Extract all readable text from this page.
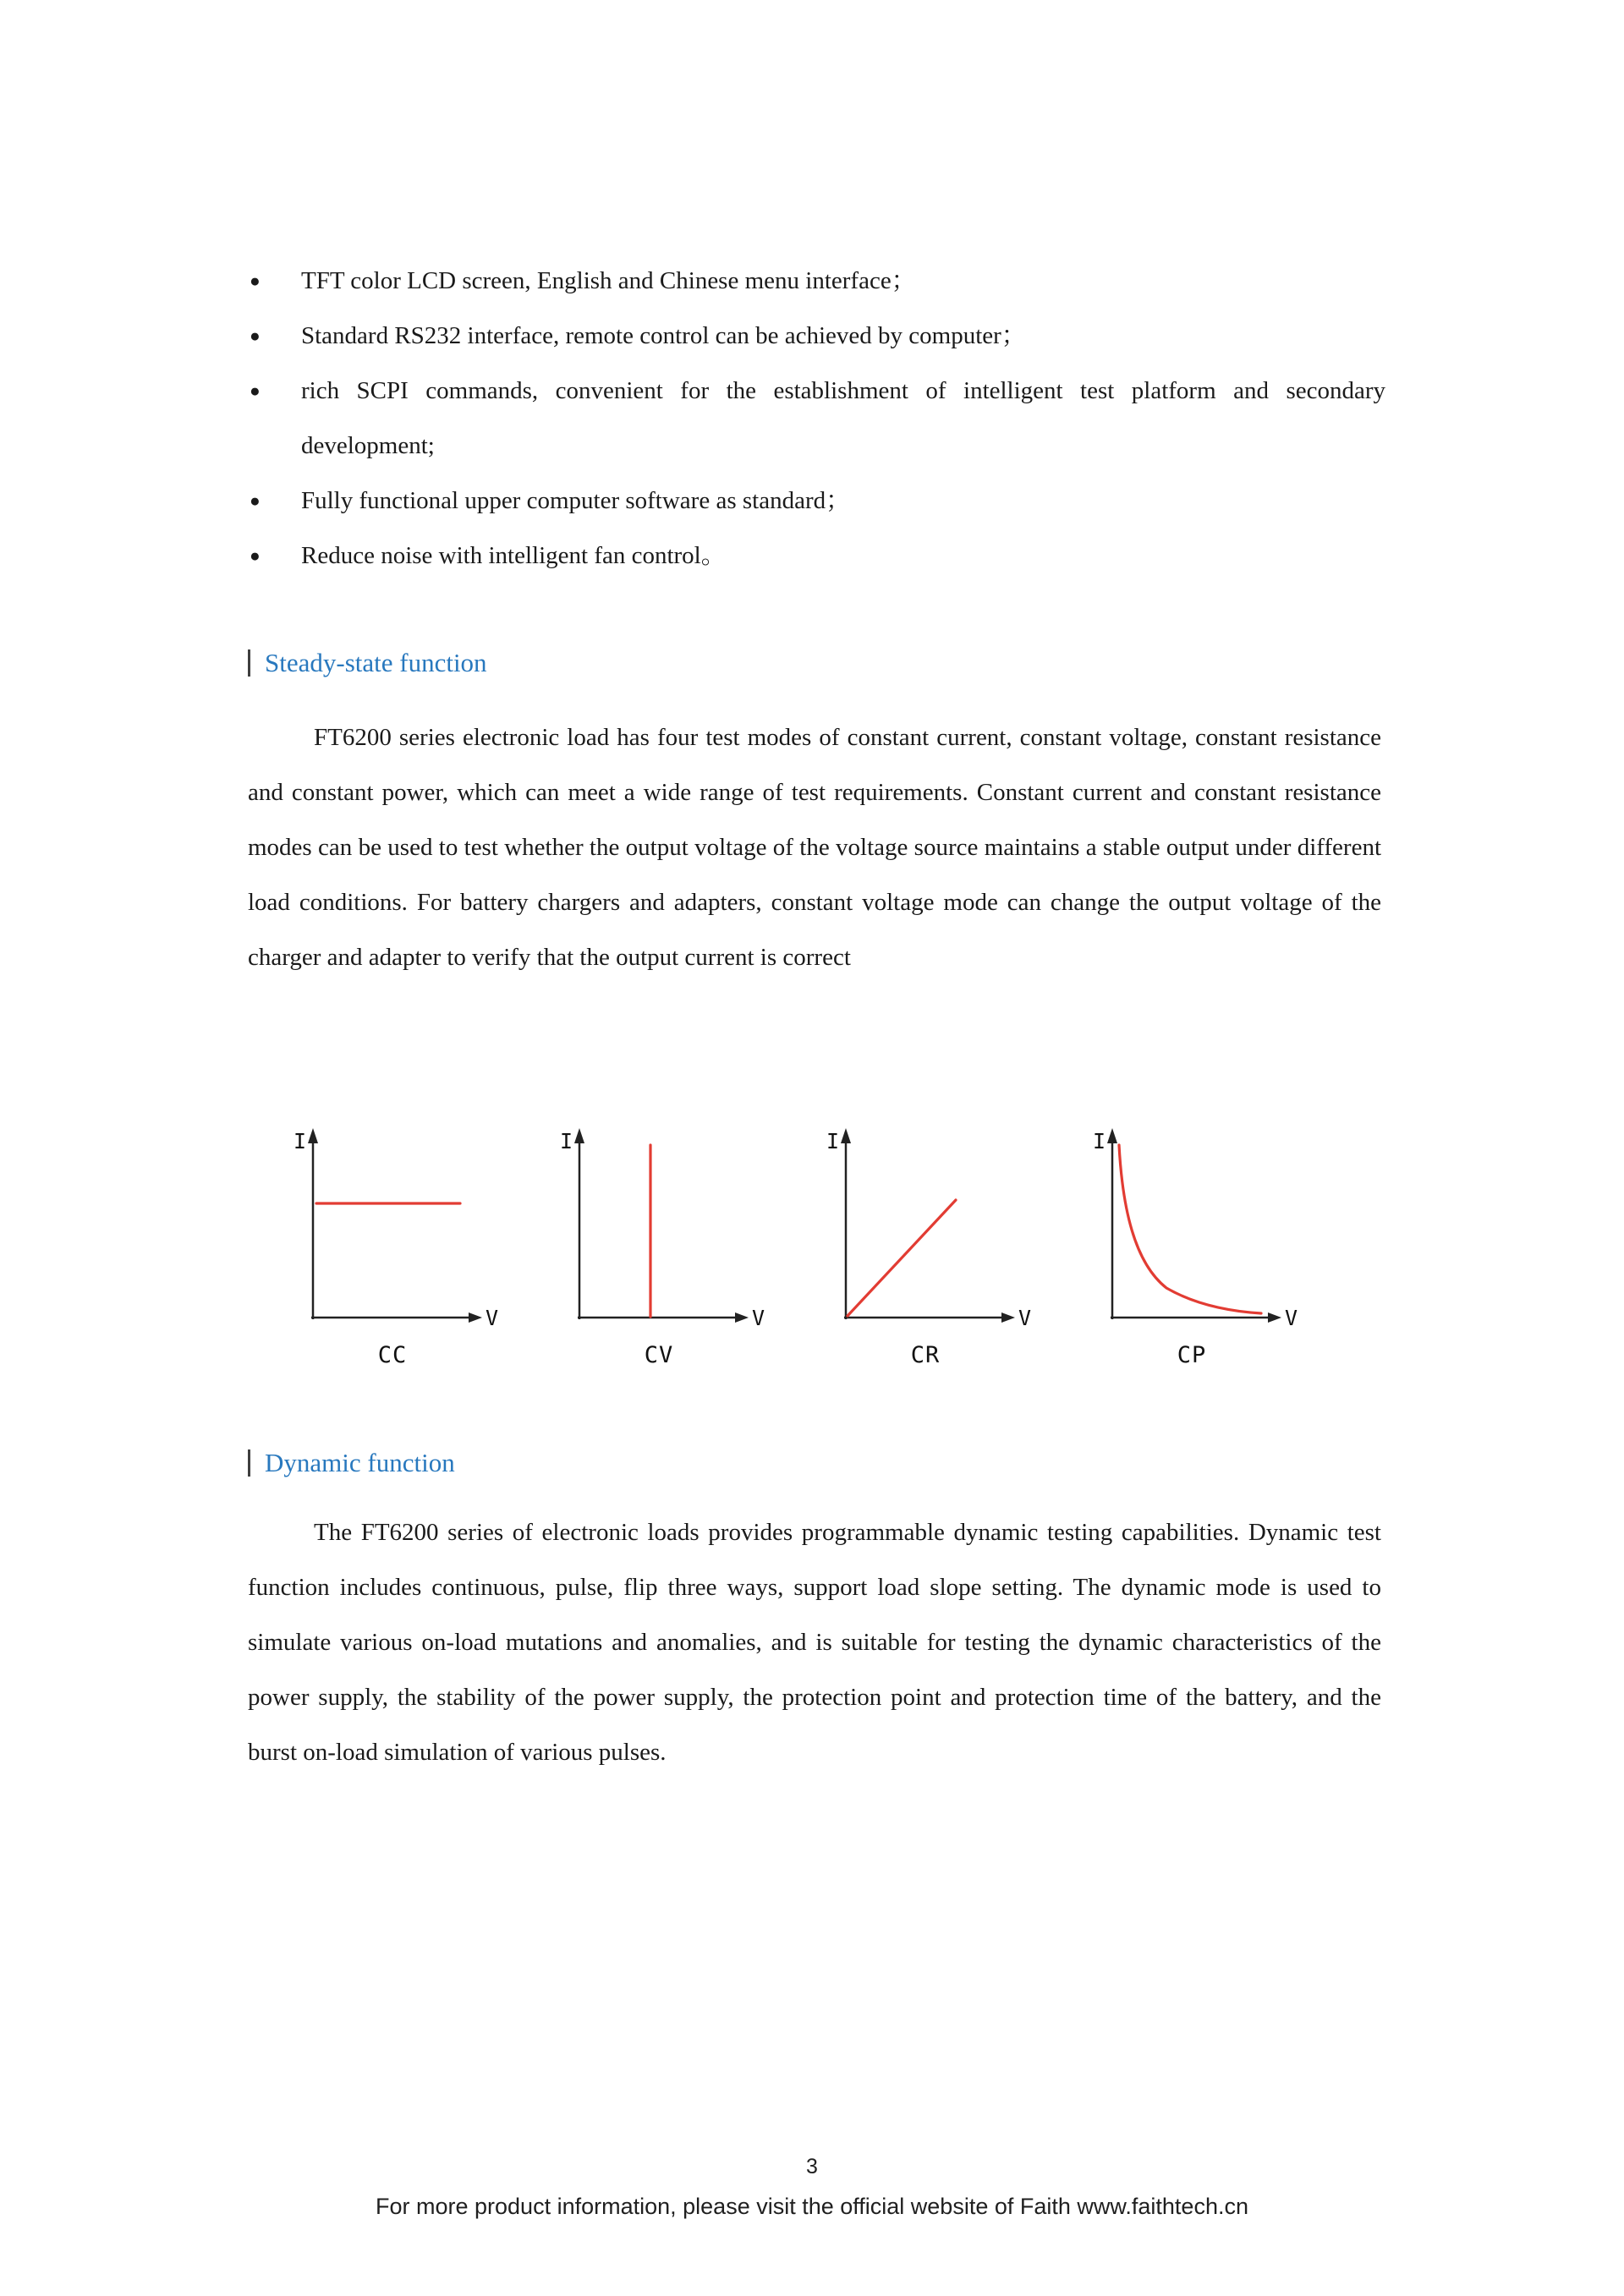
●	TFT color LCD screen, English and Chinese menu interface；
●	Standard RS232 interface, remote control can be achieved by computer；
●	rich SCPI commands, convenient for the establishment of intelligent test platform and secondary development;
●	Fully functional upper computer software as standard；
●	Reduce noise with intelligent fan control。
Steady-state function

FT6200 series electronic load has four test modes of constant current, constant voltage, constant resistance and constant power, which can meet a wide range of test requirements. Constant current and constant resistance modes can be used to test whether the output voltage of the voltage source maintains a stable output under different load conditions. For battery chargers and adapters, constant voltage mode can change the output voltage of the charger and adapter to verify that the output current is correct

I
V
CC
I
V
CV
I
V
CR
I
V
CP
Dynamic function

The FT6200 series of electronic loads provides programmable dynamic testing capabilities. Dynamic test function includes continuous, pulse, flip three ways, support load slope setting. The dynamic mode is used to simulate various on-load mutations and anomalies, and is suitable for testing the dynamic characteristics of the power supply, the stability of the power supply, the protection point and protection time of the battery, and the burst on-load simulation of various pulses.

3
For more product information, please visit the official website of Faith www.faithtech.cn
